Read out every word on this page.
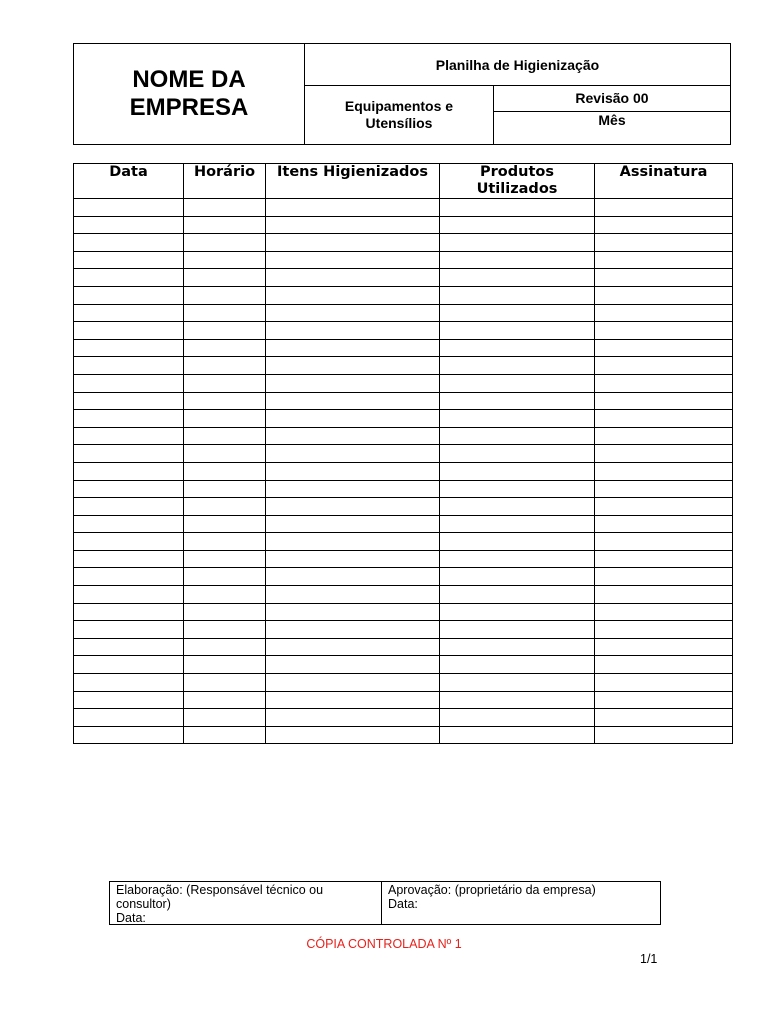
NOME DA EMPRESA
Planilha de Higienização
Equipamentos e Utensílios
Revisão 00
Mês
Data	Horário	Itens Higienizados	Produtos Utilizados	Assinatura

Elaboração: (Responsável técnico ou consultor)
Data:
Aprovação: (proprietário da empresa)
Data:
CÓPIA CONTROLADA Nº 1
1/1
